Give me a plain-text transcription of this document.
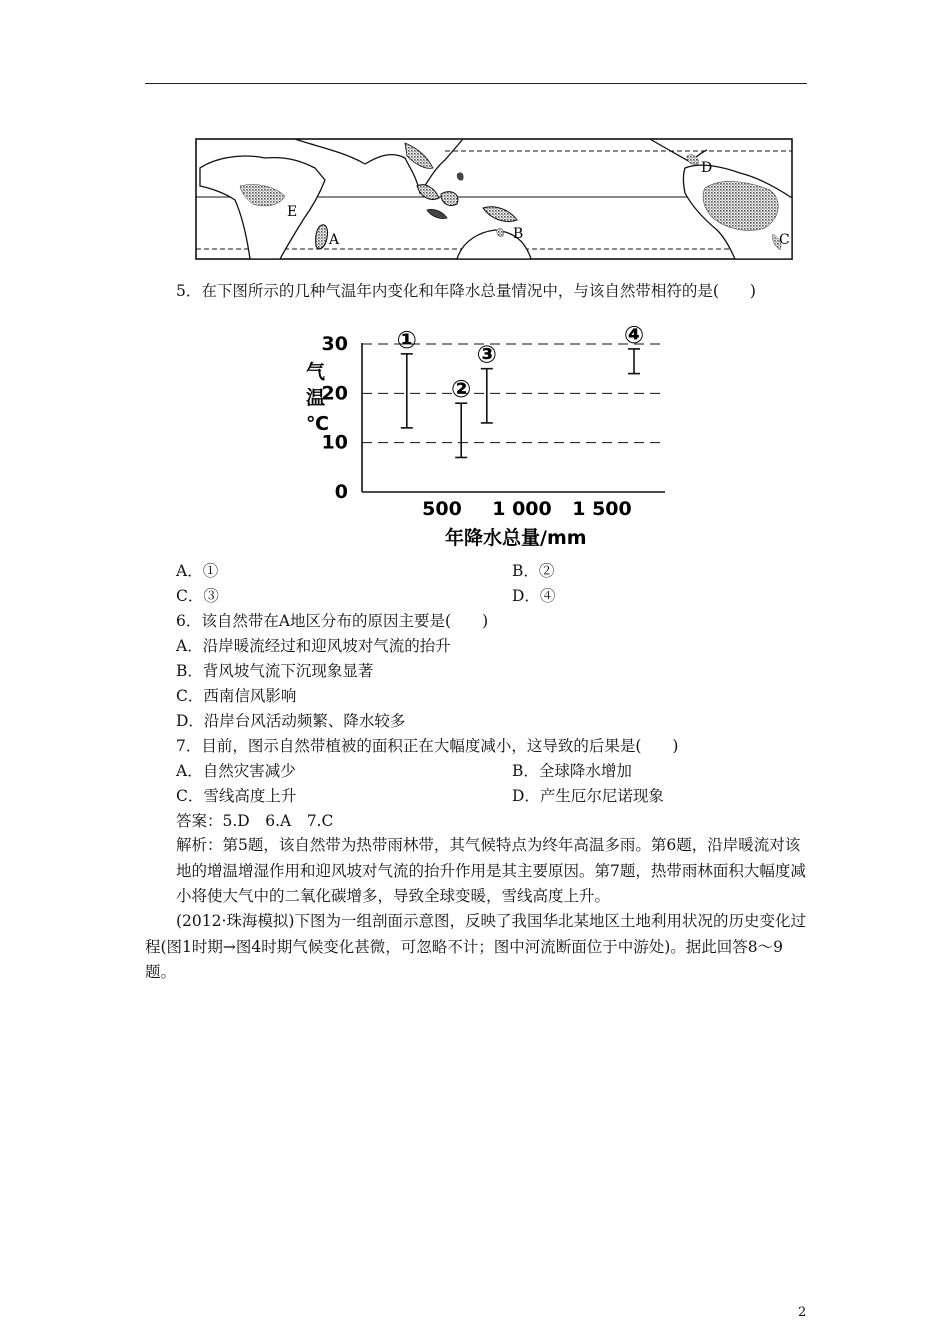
A	B	C
D
E
5．在下图所示的几种气温年内变化和年降水总量情况中，与该自然带相符的是(　　)
气
温
℃
年降水总量/mm
0
10
20
30
500 1 000 1 500
①
②
③
④
A．①	B．②
C．③	D．④
6．该自然带在A地区分布的原因主要是(　　)
A．沿岸暖流经过和迎风坡对气流的抬升
B．背风坡气流下沉现象显著
C．西南信风影响
D．沿岸台风活动频繁、降水较多
7．目前，图示自然带植被的面积正在大幅度减小，这导致的后果是(　　)
A．自然灾害减少	B．全球降水增加
C．雪线高度上升	D．产生厄尔尼诺现象
答案：5.D　6.A　7.C
解析：第5题，该自然带为热带雨林带，其气候特点为终年高温多雨。第6题，沿岸暖流对该地的增温增湿作用和迎风坡对气流的抬升作用是其主要原因。第7题，热带雨林面积大幅度减小将使大气中的二氧化碳增多，导致全球变暖，雪线高度上升。
(2012·珠海模拟)下图为一组剖面示意图，反映了我国华北某地区土地利用状况的历史变化过程(图1时期→图4时期气候变化甚微，可忽略不计；图中河流断面位于中游处)。据此回答8～9题。
2
